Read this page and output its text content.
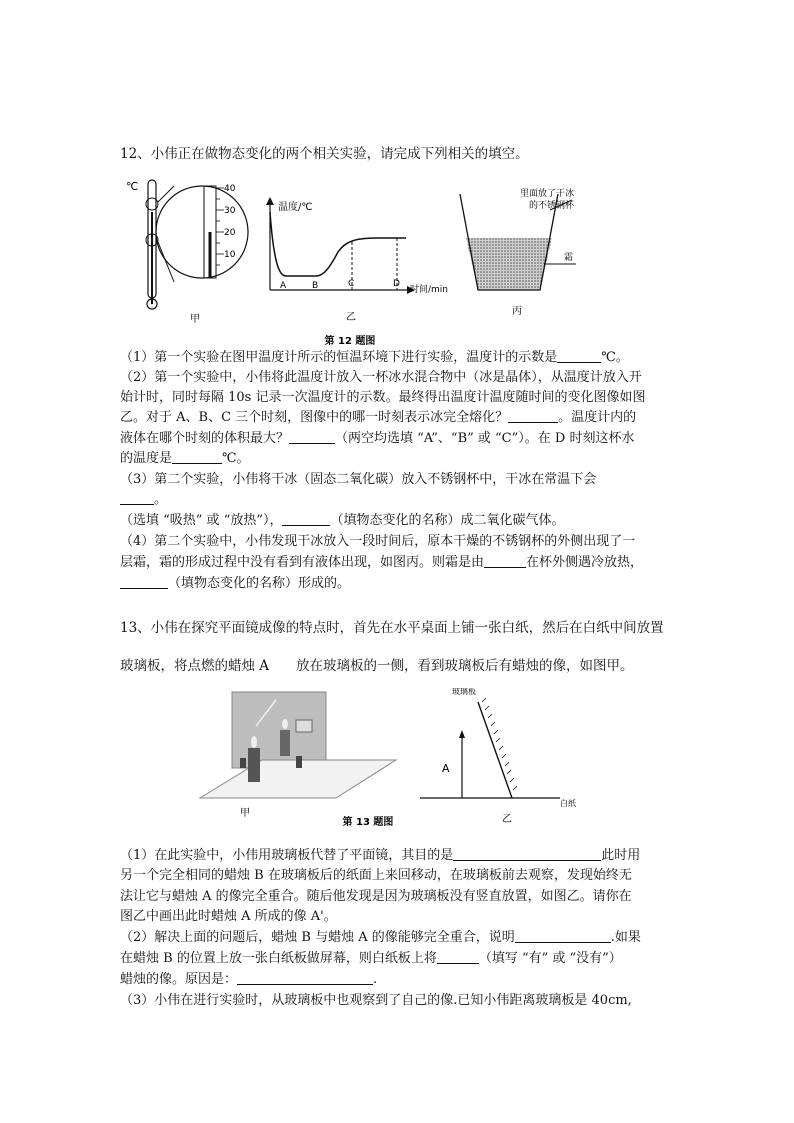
12、小伟正在做物态变化的两个相关实验，请完成下列相关的填空。
℃	40
30
20
10
甲
温度/℃
A	B	C	D
时间/min
乙
里面放了干冰
的不锈钢杯
霜
丙
第 12 题图
（1）第一个实验在图甲温度计所示的恒温环境下进行实验，温度计的示数是	℃。
（2）第一个实验中，小伟将此温度计放入一杯冰水混合物中（冰是晶体），从温度计放入开
始计时，同时每隔 10s 记录一次温度计的示数。最终得出温度计温度随时间的变化图像如图
乙。对于 A、B、C 三个时刻，图像中的哪一时刻表示冰完全熔化？	。温度计内的
液体在哪个时刻的体积最大？	（两空均选填 “A”、“B” 或 “C”）。在 D 时刻这杯水
的温度是	℃。
（3）第二个实验，小伟将干冰（固态二氧化碳）放入不锈钢杯中，干冰在常温下会
。
（选填 “吸热” 或 “放热”），	（填物态变化的名称）成二氧化碳气体。
（4）第二个实验中，小伟发现干冰放入一段时间后，原本干燥的不锈钢杯的外侧出现了一
层霜，霜的形成过程中没有看到有液体出现，如图丙。则霜是由	在杯外侧遇冷放热，
（填物态变化的名称）形成的。
13、小伟在探究平面镜成像的特点时，首先在水平桌面上铺一张白纸，然后在白纸中间放置
玻璃板，将点燃的蜡烛 A　　放在玻璃板的一侧，看到玻璃板后有蜡烛的像，如图甲。
甲
第 13 题图
玻璃板
A
白纸
乙
（1）在此实验中，小伟用玻璃板代替了平面镜，其目的是	此时用
另一个完全相同的蜡烛 B 在玻璃板后的纸面上来回移动，在玻璃板前去观察，发现始终无
法让它与蜡烛 A 的像完全重合。随后他发现是因为玻璃板没有竖直放置，如图乙。请你在
图乙中画出此时蜡烛 A 所成的像 A'。
（2）解决上面的问题后，蜡烛 B 与蜡烛 A 的像能够完全重合，说明	.如果
在蜡烛 B 的位置上放一张白纸板做屏幕，则白纸板上将	（填写 “有” 或 “没有”）
蜡烛的像。原因是：	.
（3）小伟在进行实验时，从玻璃板中也观察到了自己的像.已知小伟距离玻璃板是 40cm,
